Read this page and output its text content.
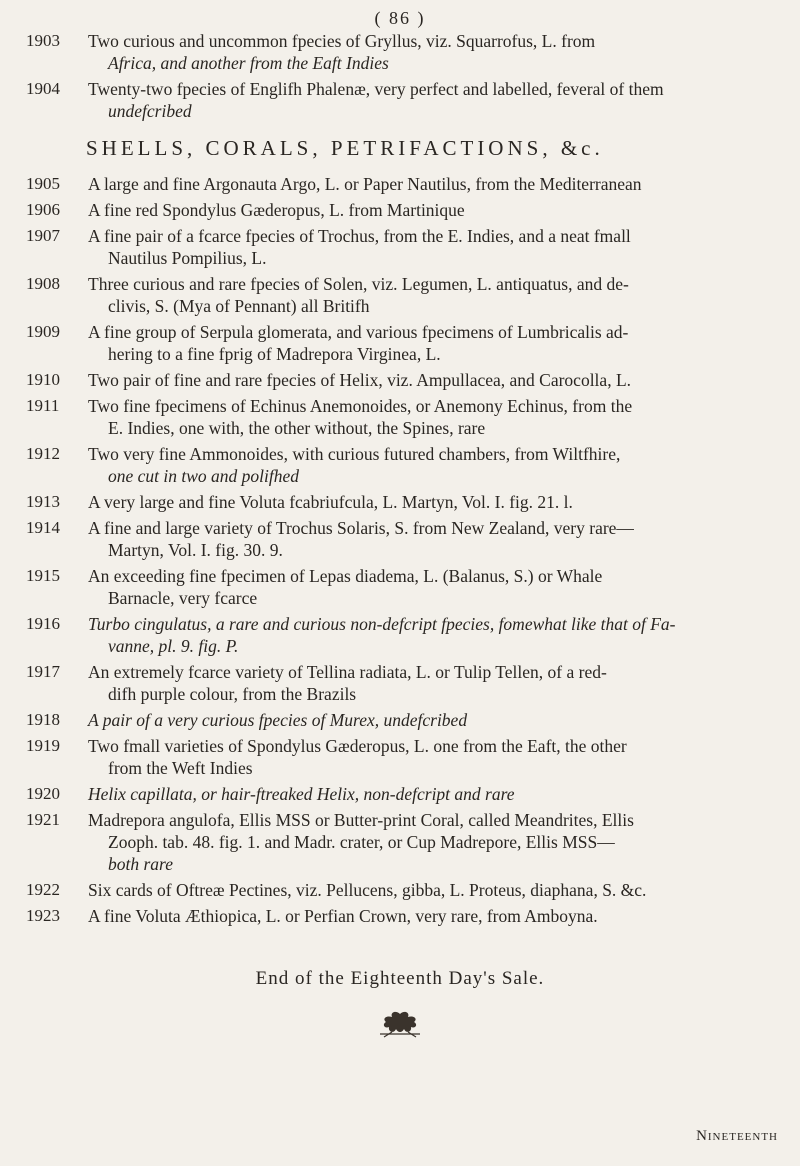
( 86 )
1903	Two curious and uncommon fpecies of Gryllus, viz. Squarrofus, L. from
Africa, and another from the Eaft Indies
1904	Twenty-two fpecies of Englifh Phalenæ, very perfect and labelled, feveral of them
undefcribed
SHELLS, CORALS, PETRIFACTIONS, &c.
1905	A large and fine Argonauta Argo, L. or Paper Nautilus, from the Mediterranean
1906	A fine red Spondylus Gæderopus, L. from Martinique
1907	A fine pair of a fcarce fpecies of Trochus, from the E. Indies, and a neat fmall
Nautilus Pompilius, L.
1908	Three curious and rare fpecies of Solen, viz. Legumen, L. antiquatus, and de-
clivis, S. (Mya of Pennant) all Britifh
1909	A fine group of Serpula glomerata, and various fpecimens of Lumbricalis ad-
hering to a fine fprig of Madrepora Virginea, L.
1910	Two pair of fine and rare fpecies of Helix, viz. Ampullacea, and Carocolla, L.
1911	Two fine fpecimens of Echinus Anemonoides, or Anemony Echinus, from the
E. Indies, one with, the other without, the Spines, rare
1912	Two very fine Ammonoides, with curious futured chambers, from Wiltfhire,
one cut in two and polifhed
1913	A very large and fine Voluta fcabriufcula, L. Martyn, Vol. I. fig. 21. l.
1914	A fine and large variety of Trochus Solaris, S. from New Zealand, very rare—
Martyn, Vol. I. fig. 30. 9.
1915	An exceeding fine fpecimen of Lepas diadema, L. (Balanus, S.) or Whale
Barnacle, very fcarce
1916	Turbo cingulatus, a rare and curious non-defcript fpecies, fomewhat like that of Fa-
vanne, pl. 9. fig. P.
1917	An extremely fcarce variety of Tellina radiata, L. or Tulip Tellen, of a red-
difh purple colour, from the Brazils
1918	A pair of a very curious fpecies of Murex, undefcribed
1919	Two fmall varieties of Spondylus Gæderopus, L. one from the Eaft, the other
from the Weft Indies
1920	Helix capillata, or hair-ftreaked Helix, non-defcript and rare
1921	Madrepora angulofa, Ellis MSS or Butter-print Coral, called Meandrites, Ellis
Zooph. tab. 48. fig. 1. and Madr. crater, or Cup Madrepore, Ellis MSS—
both rare
1922	Six cards of Oftreæ Pectines, viz. Pellucens, gibba, L. Proteus, diaphana, S. &c.
1923	A fine Voluta Æthiopica, L. or Perfian Crown, very rare, from Amboyna.
End of the Eighteenth Day's Sale.
Nineteenth
